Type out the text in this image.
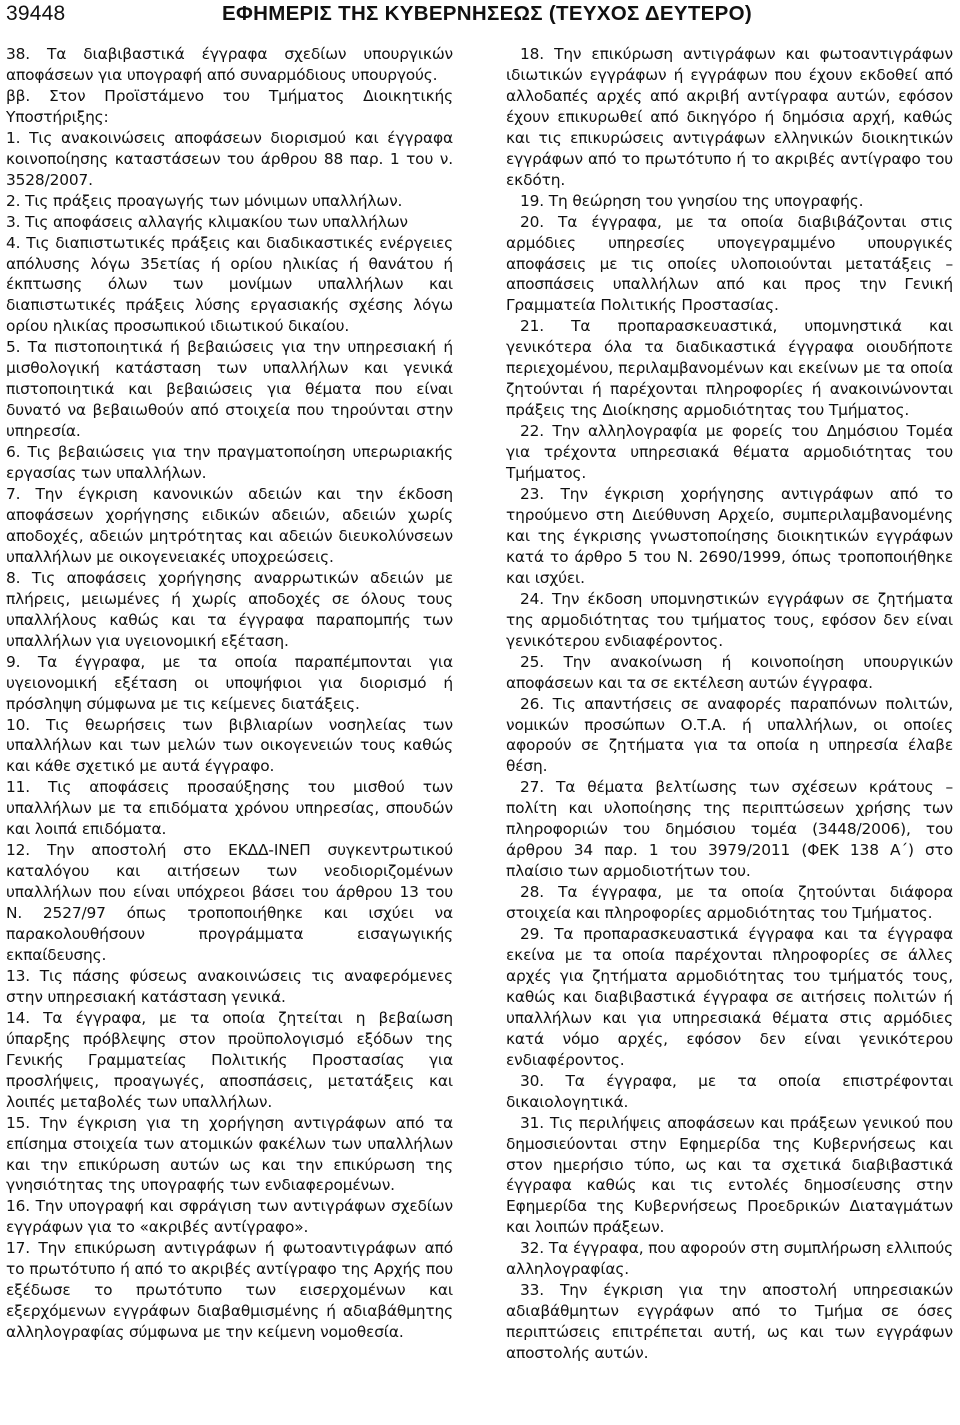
39448	ΕΦΗΜΕΡΙΣ ΤΗΣ ΚΥΒΕΡΝΗΣΕΩΣ (ΤΕΥΧΟΣ ΔΕΥΤΕΡΟ)

38. Τα διαβιβαστικά έγγραφα σχεδίων υπουργικών αποφάσεων για υπογραφή από συναρμόδιους υπουργούς.

ββ. Στον Προϊστάμενο του Τμήματος Διοικητικής Υποστήριξης:

1. Τις ανακοινώσεις αποφάσεων διορισμού και έγγραφα κοινοποίησης καταστάσεων του άρθρου 88 παρ. 1 του ν. 3528/2007.

2. Τις πράξεις προαγωγής των μόνιμων υπαλλήλων.

3. Τις αποφάσεις αλλαγής κλιμακίου των υπαλλήλων

4. Τις διαπιστωτικές πράξεις και διαδικαστικές ενέργειες απόλυσης λόγω 35ετίας ή ορίου ηλικίας ή θανάτου ή έκπτωσης όλων των μονίμων υπαλλήλων και διαπιστωτικές πράξεις λύσης εργασιακής σχέσης λόγω ορίου ηλικίας προσωπικού ιδιωτικού δικαίου.

5. Τα πιστοποιητικά ή βεβαιώσεις για την υπηρεσιακή ή μισθολογική κατάσταση των υπαλλήλων και γενικά πιστοποιητικά και βεβαιώσεις για θέματα που είναι δυνατό να βεβαιωθούν από στοιχεία που τηρούνται στην υπηρεσία.

6. Τις βεβαιώσεις για την πραγματοποίηση υπερωριακής εργασίας των υπαλλήλων.

7. Την έγκριση κανονικών αδειών και την έκδοση αποφάσεων χορήγησης ειδικών αδειών, αδειών χωρίς αποδοχές, αδειών μητρότητας και αδειών διευκολύνσεων υπαλλήλων με οικογενειακές υποχρεώσεις.

8. Τις αποφάσεις χορήγησης αναρρωτικών αδειών με πλήρεις, μειωμένες ή χωρίς αποδοχές σε όλους τους υπαλλήλους καθώς και τα έγγραφα παραπομπής των υπαλλήλων για υγειονομική εξέταση.

9. Τα έγγραφα, με τα οποία παραπέμπονται για υγειονομική εξέταση οι υποψήφιοι για διορισμό ή πρόσληψη σύμφωνα με τις κείμενες διατάξεις.

10. Τις θεωρήσεις των βιβλιαρίων νοσηλείας των υπαλλήλων και των μελών των οικογενειών τους καθώς και κάθε σχετικό με αυτά έγγραφο.

11. Τις αποφάσεις προσαύξησης του μισθού των υπαλλήλων με τα επιδόματα χρόνου υπηρεσίας, σπουδών και λοιπά επιδόματα.

12. Την αποστολή στο ΕΚΔΔ-ΙΝΕΠ συγκεντρωτικού καταλόγου και αιτήσεων των νεοδιοριζομένων υπαλλήλων που είναι υπόχρεοι βάσει του άρθρου 13 του Ν. 2527/97 όπως τροποποιήθηκε και ισχύει να παρακολουθήσουν προγράμματα εισαγωγικής εκπαίδευσης.

13. Τις πάσης φύσεως ανακοινώσεις τις αναφερόμενες στην υπηρεσιακή κατάσταση γενικά.

14. Τα έγγραφα, με τα οποία ζητείται η βεβαίωση ύπαρξης πρόβλεψης στον προϋπολογισμό εξόδων της Γενικής Γραμματείας Πολιτικής Προστασίας για προσλήψεις, προαγωγές, αποσπάσεις, μετατάξεις και λοιπές μεταβολές των υπαλλήλων.

15. Την έγκριση για τη χορήγηση αντιγράφων από τα επίσημα στοιχεία των ατομικών φακέλων των υπαλλήλων και την επικύρωση αυτών ως και την επικύρωση της γνησιότητας της υπογραφής των ενδιαφερομένων.

16. Την υπογραφή και σφράγιση των αντιγράφων σχεδίων εγγράφων για το «ακριβές αντίγραφο».

17. Την επικύρωση αντιγράφων ή φωτοαντιγράφων από το πρωτότυπο ή από το ακριβές αντίγραφο της Αρχής που εξέδωσε το πρωτότυπο των εισερχομένων και εξερχόμενων εγγράφων διαβαθμισμένης ή αδιαβάθμητης αλληλογραφίας σύμφωνα με την κείμενη νομοθεσία.

18. Την επικύρωση αντιγράφων και φωτοαντιγράφων ιδιωτικών εγγράφων ή εγγράφων που έχουν εκδοθεί από αλλοδαπές αρχές από ακριβή αντίγραφα αυτών, εφόσον έχουν επικυρωθεί από δικηγόρο ή δημόσια αρχή, καθώς και τις επικυρώσεις αντιγράφων ελληνικών διοικητικών εγγράφων από το πρωτότυπο ή το ακριβές αντίγραφο του εκδότη.

19. Τη θεώρηση του γνησίου της υπογραφής.

20. Τα έγγραφα, με τα οποία διαβιβάζονται στις αρμόδιες υπηρεσίες υπογεγραμμένο υπουργικές αποφάσεις με τις οποίες υλοποιούνται μετατάξεις – αποσπάσεις υπαλλήλων από και προς την Γενική Γραμματεία Πολιτικής Προστασίας.

21. Τα προπαρασκευαστικά, υπομνηστικά και γενικότερα όλα τα διαδικαστικά έγγραφα οιουδήποτε περιεχομένου, περιλαμβανομένων και εκείνων με τα οποία ζητούνται ή παρέχονται πληροφορίες ή ανακοινώνονται πράξεις της Διοίκησης αρμοδιότητας του Τμήματος.

22. Την αλληλογραφία με φορείς του Δημόσιου Τομέα για τρέχοντα υπηρεσιακά θέματα αρμοδιότητας του Τμήματος.

23. Την έγκριση χορήγησης αντιγράφων από το τηρούμενο στη Διεύθυνση Αρχείο, συμπεριλαμβανομένης και της έγκρισης γνωστοποίησης διοικητικών εγγράφων κατά το άρθρο 5 του Ν. 2690/1999, όπως τροποποιήθηκε και ισχύει.

24. Την έκδοση υπομνηστικών εγγράφων σε ζητήματα της αρμοδιότητας του τμήματος τους, εφόσον δεν είναι γενικότερου ενδιαφέροντος.

25. Την ανακοίνωση ή κοινοποίηση υπουργικών αποφάσεων και τα σε εκτέλεση αυτών έγγραφα.

26. Τις απαντήσεις σε αναφορές παραπόνων πολιτών, νομικών προσώπων Ο.Τ.Α. ή υπαλλήλων, οι οποίες αφορούν σε ζητήματα για τα οποία η υπηρεσία έλαβε θέση.

27. Τα θέματα βελτίωσης των σχέσεων κράτους – πολίτη και υλοποίησης της περιπτώσεων χρήσης των πληροφοριών του δημόσιου τομέα (3448/2006), του άρθρου 34 παρ. 1 του 3979/2011 (ΦΕΚ 138 Α΄) στο πλαίσιο των αρμοδιοτήτων του.

28. Τα έγγραφα, με τα οποία ζητούνται διάφορα στοιχεία και πληροφορίες αρμοδιότητας του Τμήματος.

29. Τα προπαρασκευαστικά έγγραφα και τα έγγραφα εκείνα με τα οποία παρέχονται πληροφορίες σε άλλες αρχές για ζητήματα αρμοδιότητας του τμήματός τους, καθώς και διαβιβαστικά έγγραφα σε αιτήσεις πολιτών ή υπαλλήλων και για υπηρεσιακά θέματα στις αρμόδιες κατά νόμο αρχές, εφόσον δεν είναι γενικότερου ενδιαφέροντος.

30. Τα έγγραφα, με τα οποία επιστρέφονται δικαιολογητικά.

31. Τις περιλήψεις αποφάσεων και πράξεων γενικού που δημοσιεύονται στην Εφημερίδα της Κυβερνήσεως και στον ημερήσιο τύπο, ως και τα σχετικά διαβιβαστικά έγγραφα καθώς και τις εντολές δημοσίευσης στην Εφημερίδα της Κυβερνήσεως Προεδρικών Διαταγμάτων και λοιπών πράξεων.

32. Τα έγγραφα, που αφορούν στη συμπλήρωση ελλιπούς αλληλογραφίας.

33. Την έγκριση για την αποστολή υπηρεσιακών αδιαβάθμητων εγγράφων από το Τμήμα σε όσες περιπτώσεις επιτρέπεται αυτή, ως και των εγγράφων αποστολής αυτών.
